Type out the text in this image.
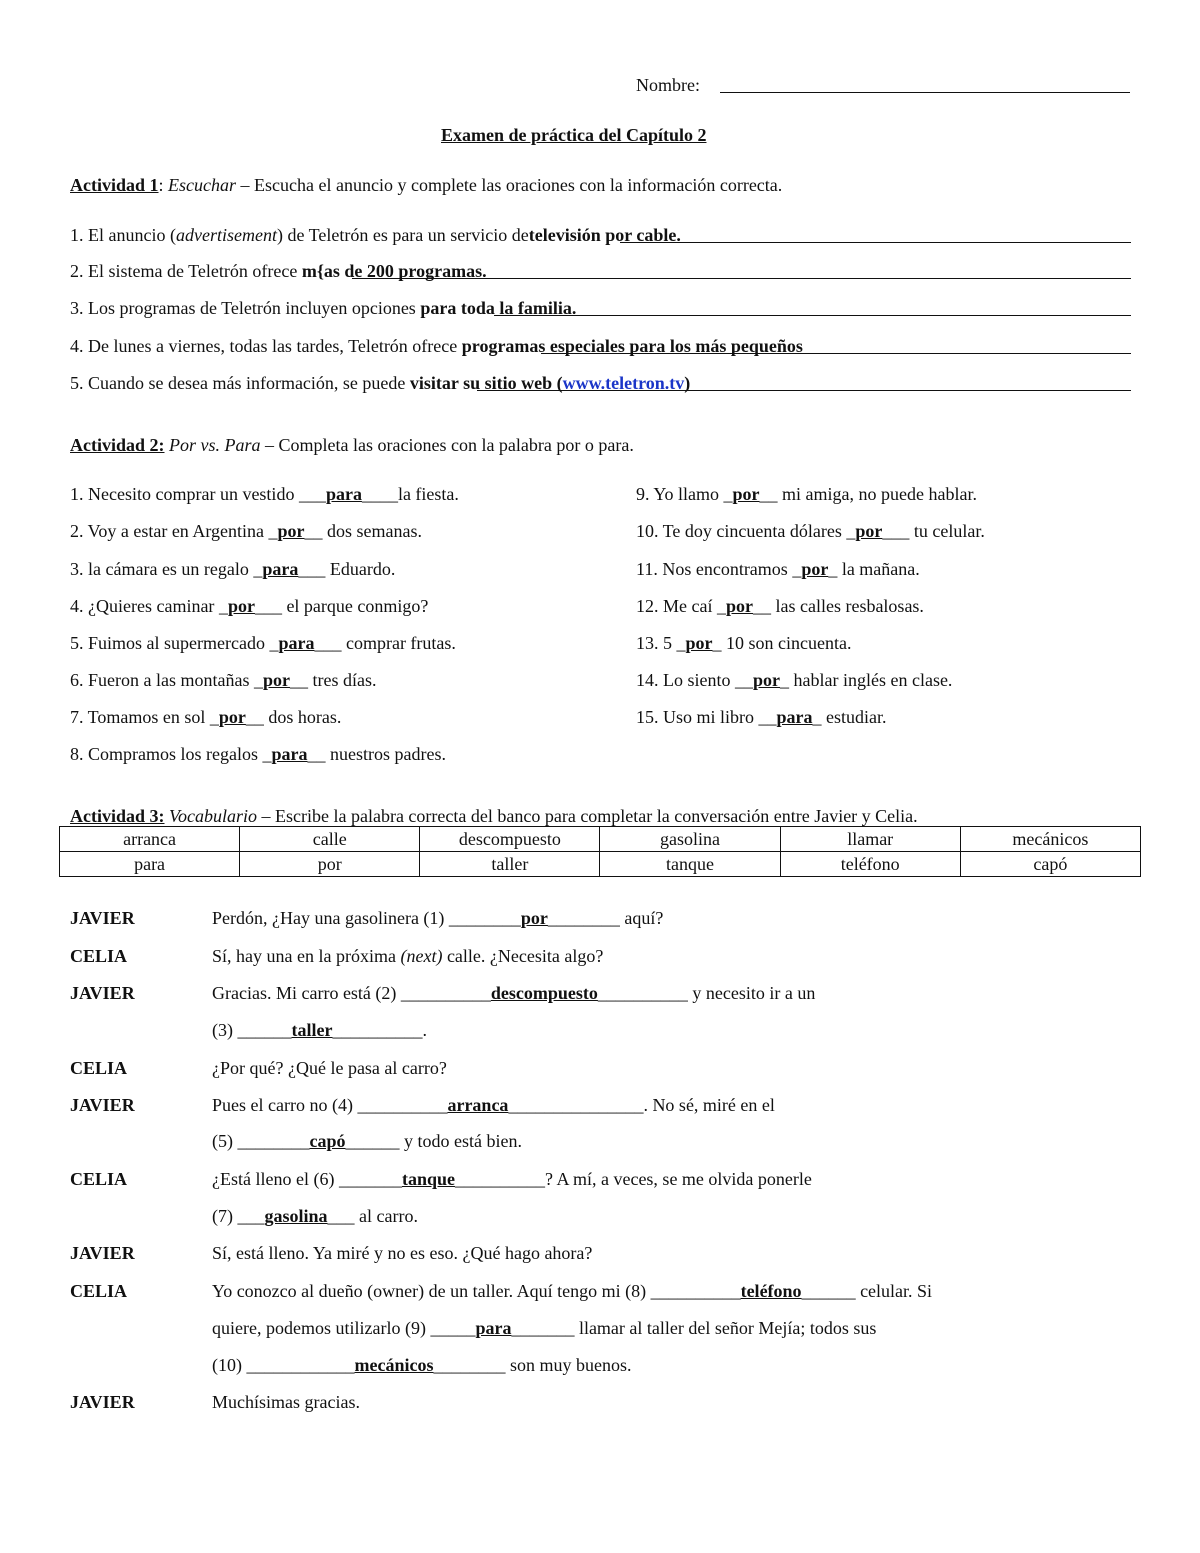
Nombre:
Examen de práctica del Capítulo 2
Actividad 1: Escuchar – Escucha el anuncio y complete las oraciones con la información correcta.
1. El anuncio (advertisement) de Teletrón es para un servicio detelevisión por cable.
2. El sistema de Teletrón ofrece m{as de 200 programas.
3. Los programas de Teletrón incluyen opciones para toda la familia.
4. De lunes a viernes, todas las tardes, Teletrón ofrece programas especiales para los más pequeños
5. Cuando se desea más información, se puede visitar su sitio web (www.teletron.tv)
Actividad 2: Por vs. Para – Completa las oraciones con la palabra por o para.
1. Necesito comprar un vestido ___para____la fiesta.
2. Voy a estar en Argentina _por__ dos semanas.
3. la cámara es un regalo _para___ Eduardo.
4. ¿Quieres caminar _por___ el parque conmigo?
5. Fuimos al supermercado _para___ comprar frutas.
6. Fueron a las montañas _por__ tres días.
7. Tomamos en sol _por__ dos horas.
8. Compramos los regalos _para__ nuestros padres.
9. Yo llamo _por__ mi amiga, no puede hablar.
10. Te doy cincuenta dólares _por___ tu celular.
11. Nos encontramos _por_ la mañana.
12. Me caí _por__ las calles resbalosas.
13. 5 _por_ 10 son cincuenta.
14. Lo siento __por_ hablar inglés en clase.
15. Uso mi libro __para_ estudiar.
Actividad 3: Vocabulario – Escribe la palabra correcta del banco para completar la conversación entre Javier y Celia.
arranca	calle	descompuesto	gasolina	llamar	mecánicos
para	por	taller	tanque	teléfono	capó
JAVIER	Perdón, ¿Hay una gasolinera (1) ________por________ aquí?
CELIA	Sí, hay una en la próxima (next) calle. ¿Necesita algo?
JAVIER	Gracias. Mi carro está (2) __________descompuesto__________ y necesito ir a un
(3) ______taller__________.
CELIA	¿Por qué? ¿Qué le pasa al carro?
JAVIER	Pues el carro no (4) __________arranca_______________. No sé, miré en el
(5) ________capó______ y todo está bien.
CELIA	¿Está lleno el (6) _______tanque__________? A mí, a veces, se me olvida ponerle
(7) ___gasolina___ al carro.
JAVIER	Sí, está lleno. Ya miré y no es eso. ¿Qué hago ahora?
CELIA	Yo conozco al dueño (owner) de un taller. Aquí tengo mi (8) __________teléfono______ celular. Si
quiere, podemos utilizarlo (9) _____para_______ llamar al taller del señor Mejía; todos sus
(10) ____________mecánicos________ son muy buenos.
JAVIER	Muchísimas gracias.
